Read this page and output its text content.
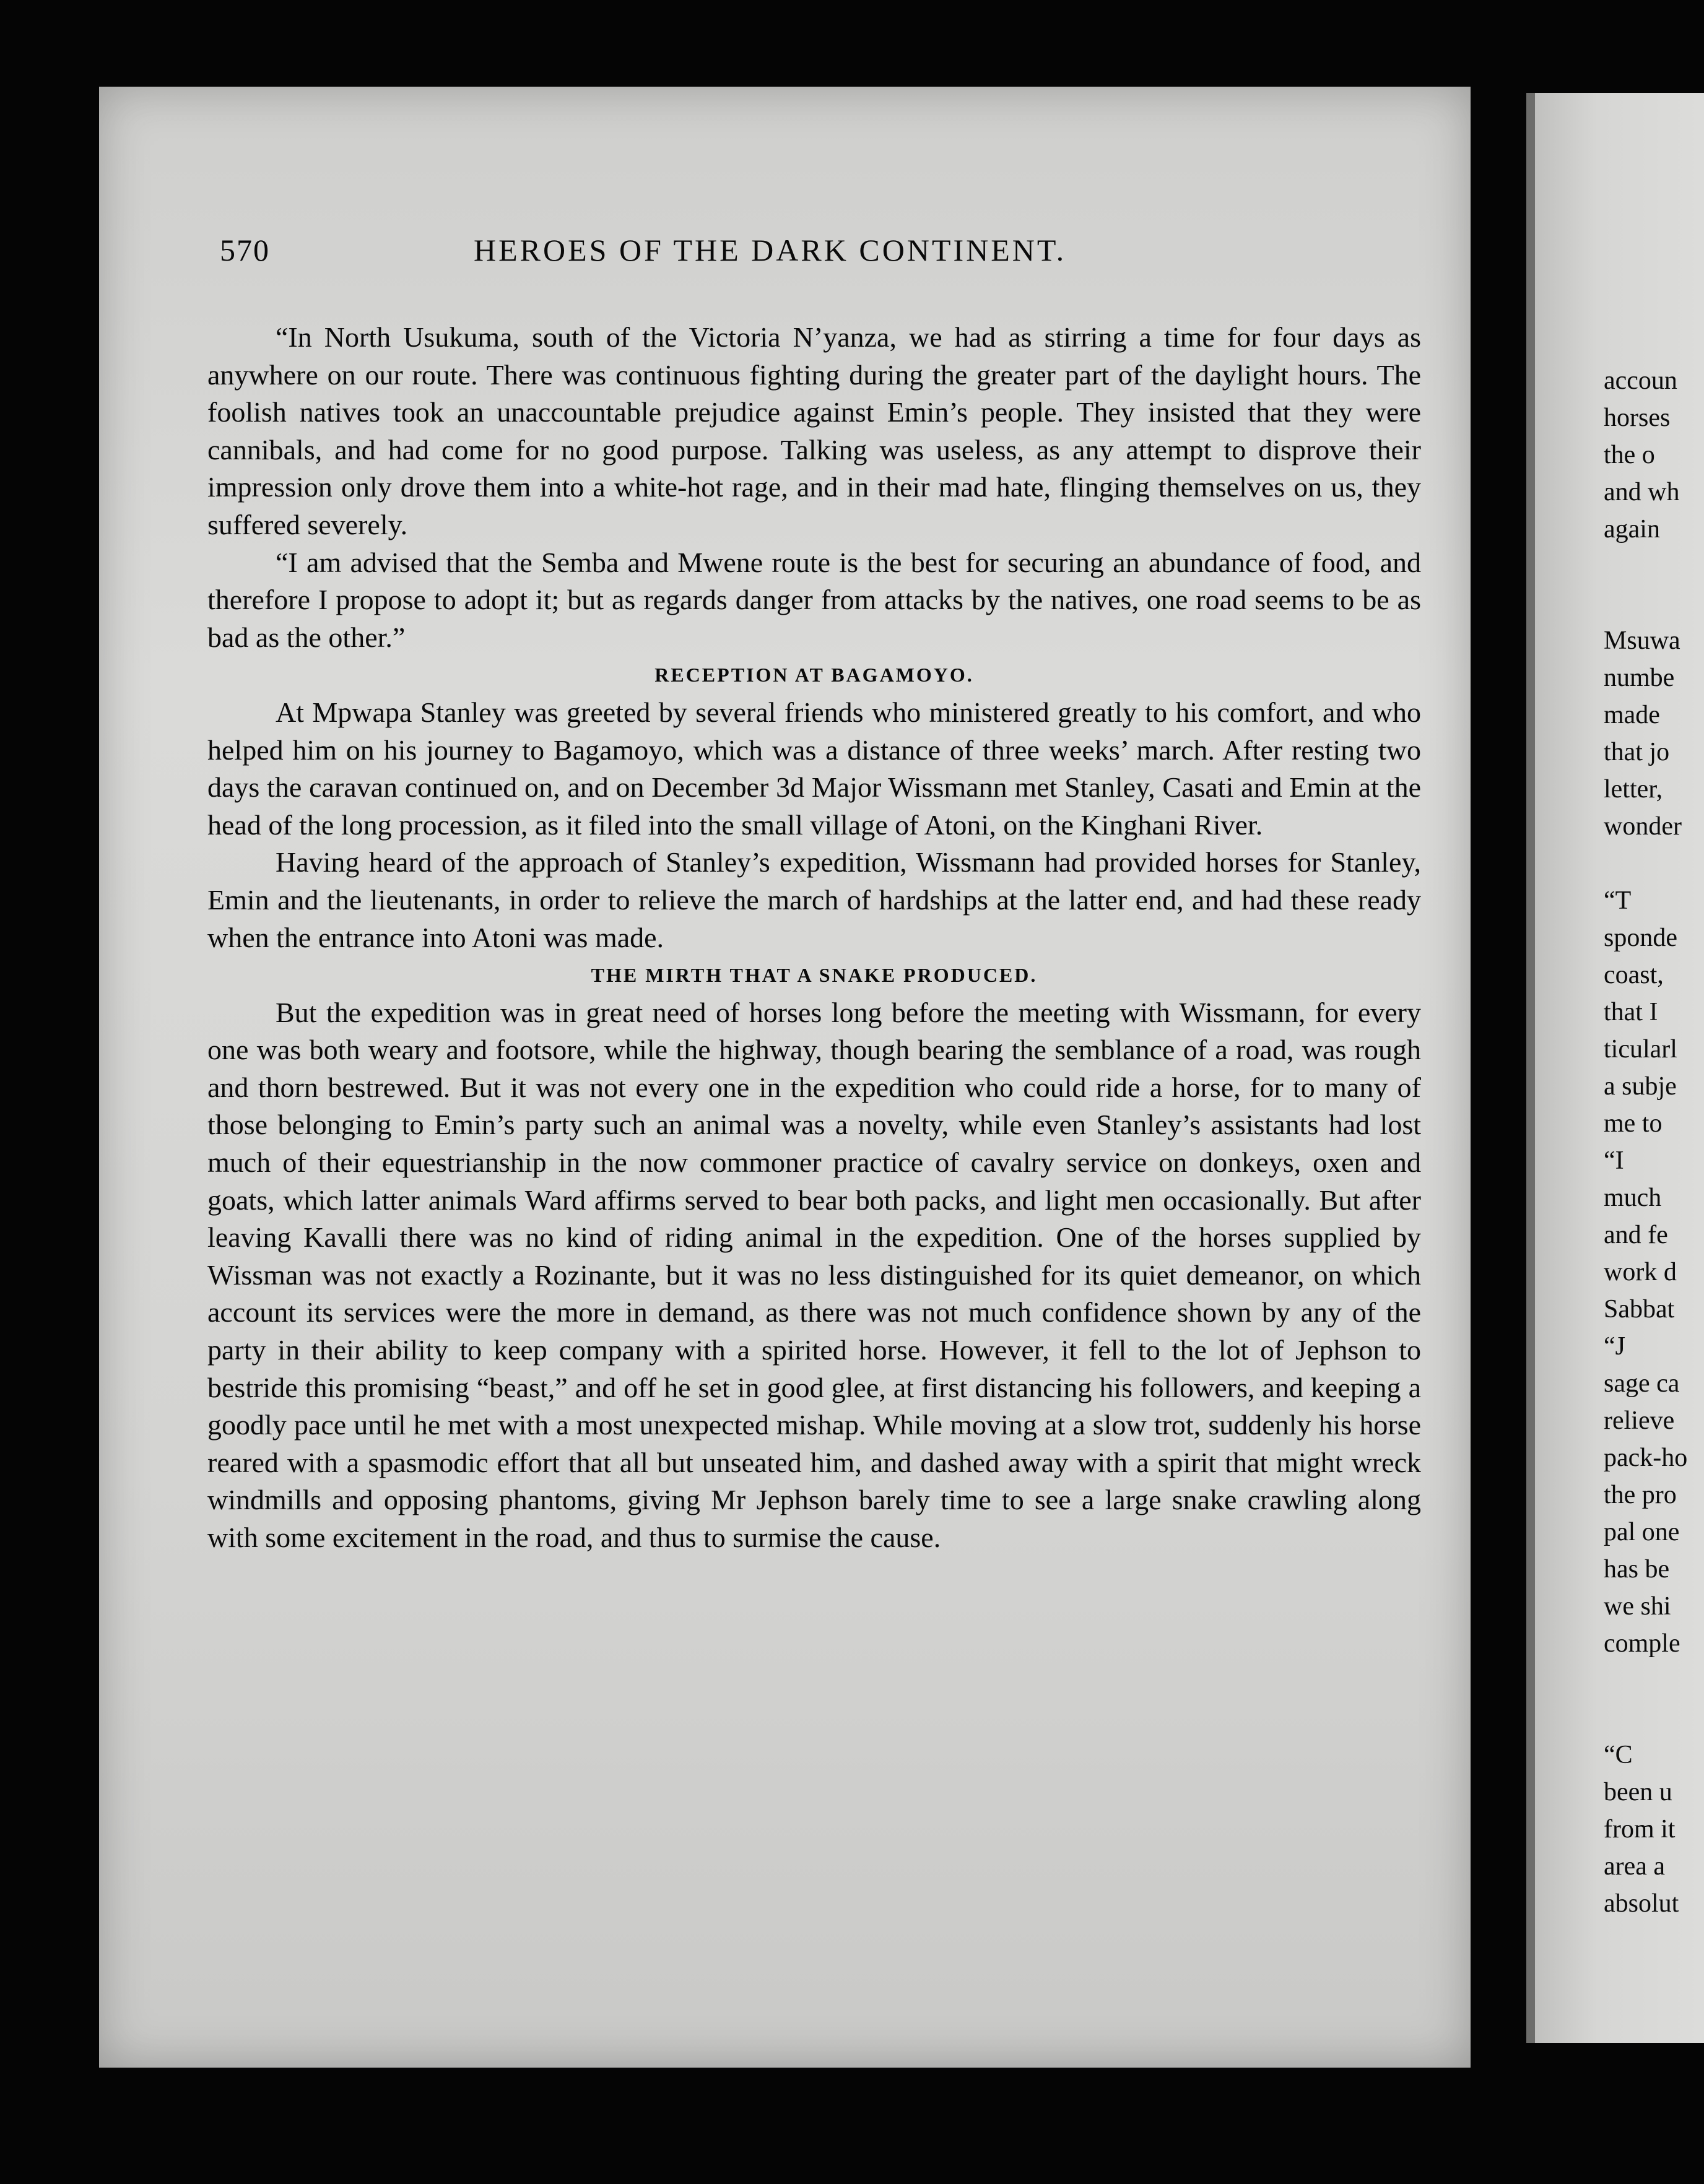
570	HEROES OF THE DARK CONTINENT.

“In North Usukuma, south of the Victoria N’yanza, we had as stirring a time for four days as anywhere on our route. There was continuous fighting during the greater part of the daylight hours. The foolish natives took an unaccountable prejudice against Emin’s people. They insisted that they were cannibals, and had come for no good purpose. Talking was useless, as any attempt to disprove their impression only drove them into a white-hot rage, and in their mad hate, flinging themselves on us, they suffered severely.

“I am advised that the Semba and Mwene route is the best for securing an abundance of food, and therefore I propose to adopt it; but as regards danger from attacks by the natives, one road seems to be as bad as the other.”

RECEPTION AT BAGAMOYO.

At Mpwapa Stanley was greeted by several friends who ministered greatly to his comfort, and who helped him on his journey to Bagamoyo, which was a distance of three weeks’ march. After resting two days the caravan continued on, and on December 3d Major Wissmann met Stanley, Casati and Emin at the head of the long procession, as it filed into the small village of Atoni, on the Kinghani River.

Having heard of the approach of Stanley’s expedition, Wissmann had provided horses for Stanley, Emin and the lieutenants, in order to relieve the march of hardships at the latter end, and had these ready when the entrance into Atoni was made.

THE MIRTH THAT A SNAKE PRODUCED.

But the expedition was in great need of horses long before the meeting with Wissmann, for every one was both weary and footsore, while the highway, though bearing the semblance of a road, was rough and thorn bestrewed. But it was not every one in the expedition who could ride a horse, for to many of those belonging to Emin’s party such an animal was a novelty, while even Stanley’s assistants had lost much of their equestrianship in the now commoner practice of cavalry service on donkeys, oxen and goats, which latter animals Ward affirms served to bear both packs, and light men occasionally. But after leaving Kavalli there was no kind of riding animal in the expedition. One of the horses supplied by Wissman was not exactly a Rozinante, but it was no less distinguished for its quiet demeanor, on which account its services were the more in demand, as there was not much confidence shown by any of the party in their ability to keep company with a spirited horse. However, it fell to the lot of Jephson to bestride this promising “beast,” and off he set in good glee, at first distancing his followers, and keeping a goodly pace until he met with a most unexpected mishap. While moving at a slow trot, suddenly his horse reared with a spasmodic effort that all but unseated him, and dashed away with a spirit that might wreck windmills and opposing phantoms, giving Mr Jephson barely time to see a large snake crawling along with some excitement in the road, and thus to surmise the cause.

accoun
horses
the o
and wh
again
Msuwa
numbe
made
that jo
letter,
wonder
“T
sponde
coast,
that I
ticularl
a subje
me to
“I
much
and fe
work d
Sabbat
“J
sage ca
relieve
pack-ho
the pro
pal one
has be
we shi
comple
“C
been u
from it
area a
absolut
